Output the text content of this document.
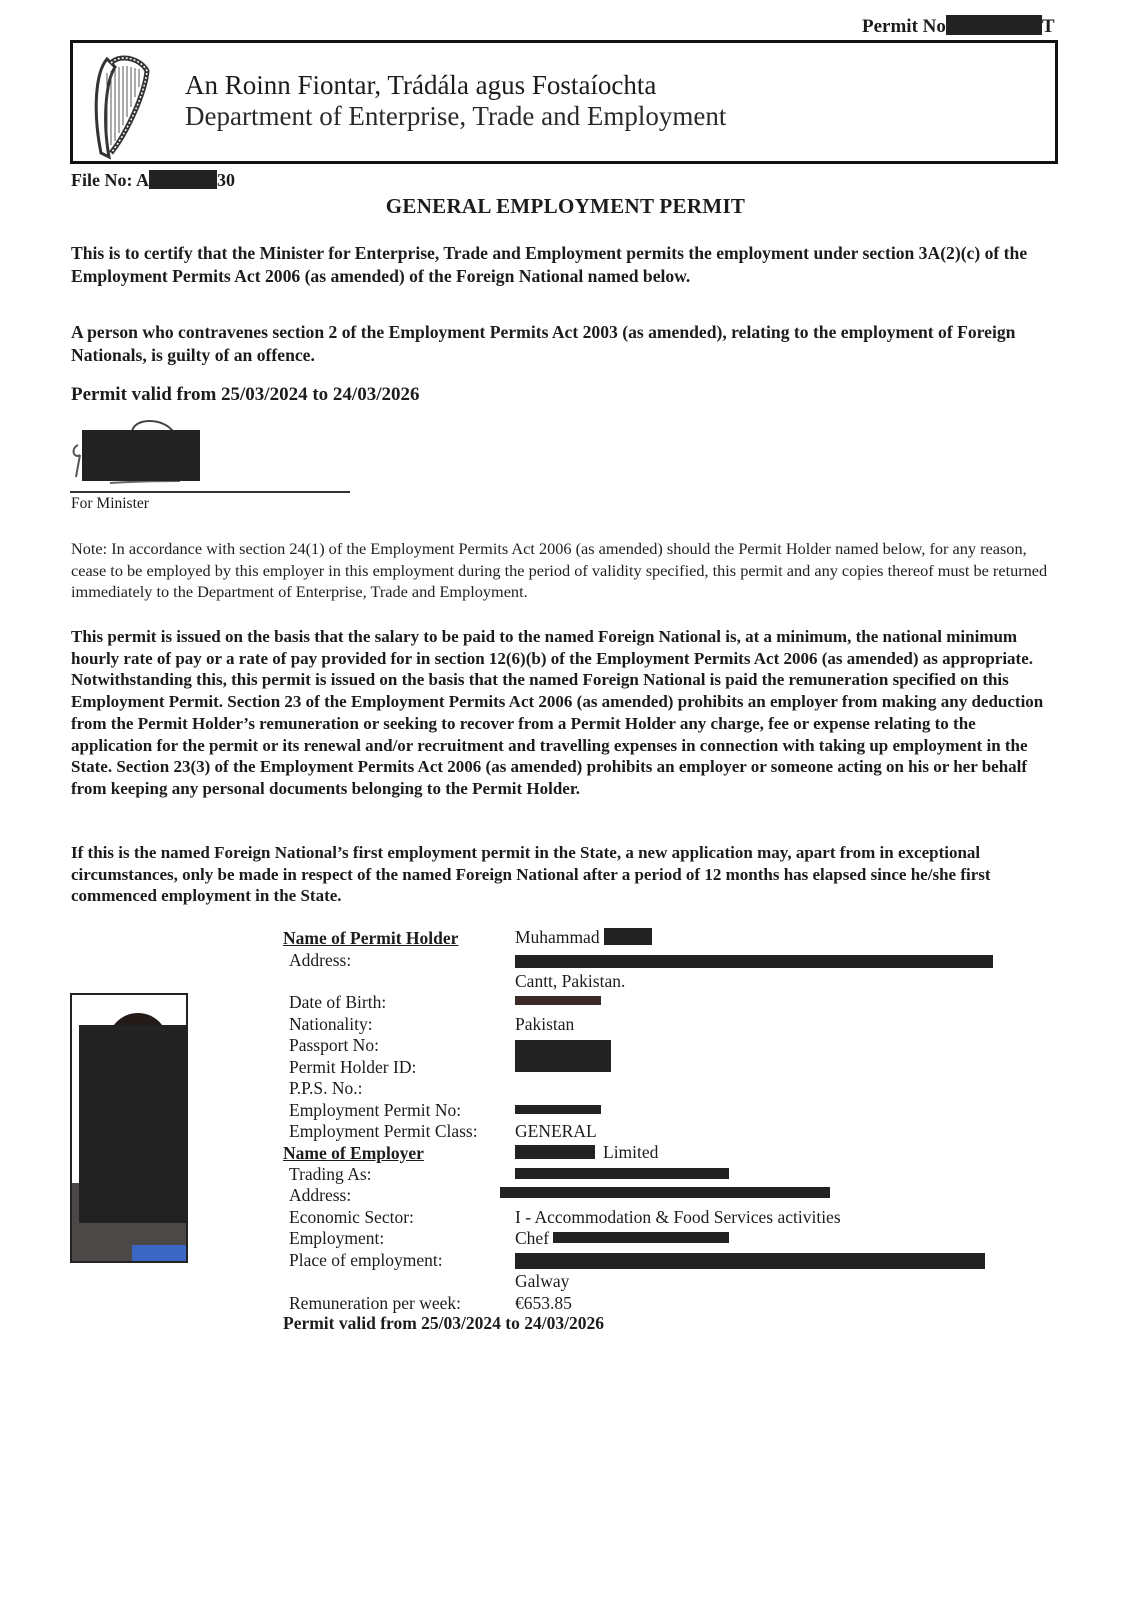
Permit No	T
An Roinn Fiontar, Trádála agus Fostaíochta
Department of Enterprise, Trade and Employment
File No: A	30
GENERAL EMPLOYMENT PERMIT
This is to certify that the Minister for Enterprise, Trade and Employment permits the employment under section 3A(2)(c) of the Employment Permits Act 2006 (as amended) of the Foreign National named below.
A person who contravenes section 2 of the Employment Permits Act 2003 (as amended), relating to the employment of Foreign Nationals, is guilty of an offence.
Permit valid from 25/03/2024 to 24/03/2026
For Minister
Note: In accordance with section 24(1) of the Employment Permits Act 2006 (as amended) should the Permit Holder named below, for any reason, cease to be employed by this employer in this employment during the period of validity specified, this permit and any copies thereof must be returned immediately to the Department of Enterprise, Trade and Employment.
This permit is issued on the basis that the salary to be paid to the named Foreign National is, at a minimum, the national minimum hourly rate of pay or a rate of pay provided for in section 12(6)(b) of the Employment Permits Act 2006 (as amended) as appropriate. Notwithstanding this, this permit is issued on the basis that the named Foreign National is paid the remuneration specified on this Employment Permit. Section 23 of the Employment Permits Act 2006 (as amended) prohibits an employer from making any deduction from the Permit Holder’s remuneration or seeking to recover from a Permit Holder any charge, fee or expense relating to the application for the permit or its renewal and/or recruitment and travelling expenses in connection with taking up employment in the State. Section 23(3) of the Employment Permits Act 2006 (as amended) prohibits an employer or someone acting on his or her behalf from keeping any personal documents belonging to the Permit Holder.
If this is the named Foreign National’s first employment permit in the State, a new application may, apart from in exceptional circumstances, only be made in respect of the named Foreign National after a period of 12 months has elapsed since he/she first commenced employment in the State.
Name of Permit Holder	Muhammad
Address:
Cantt, Pakistan.
Date of Birth:
Nationality:	Pakistan
Passport No:
Permit Holder ID:
P.P.S. No.:
Employment Permit No:
Employment Permit Class: GENERAL
Name of Employer	Limited
Trading As:
Address:
Economic Sector:	I - Accommodation & Food Services activities
Employment:	Chef
Place of employment:
Galway
Remuneration per week:	€653.85
Permit valid from 25/03/2024 to 24/03/2026
